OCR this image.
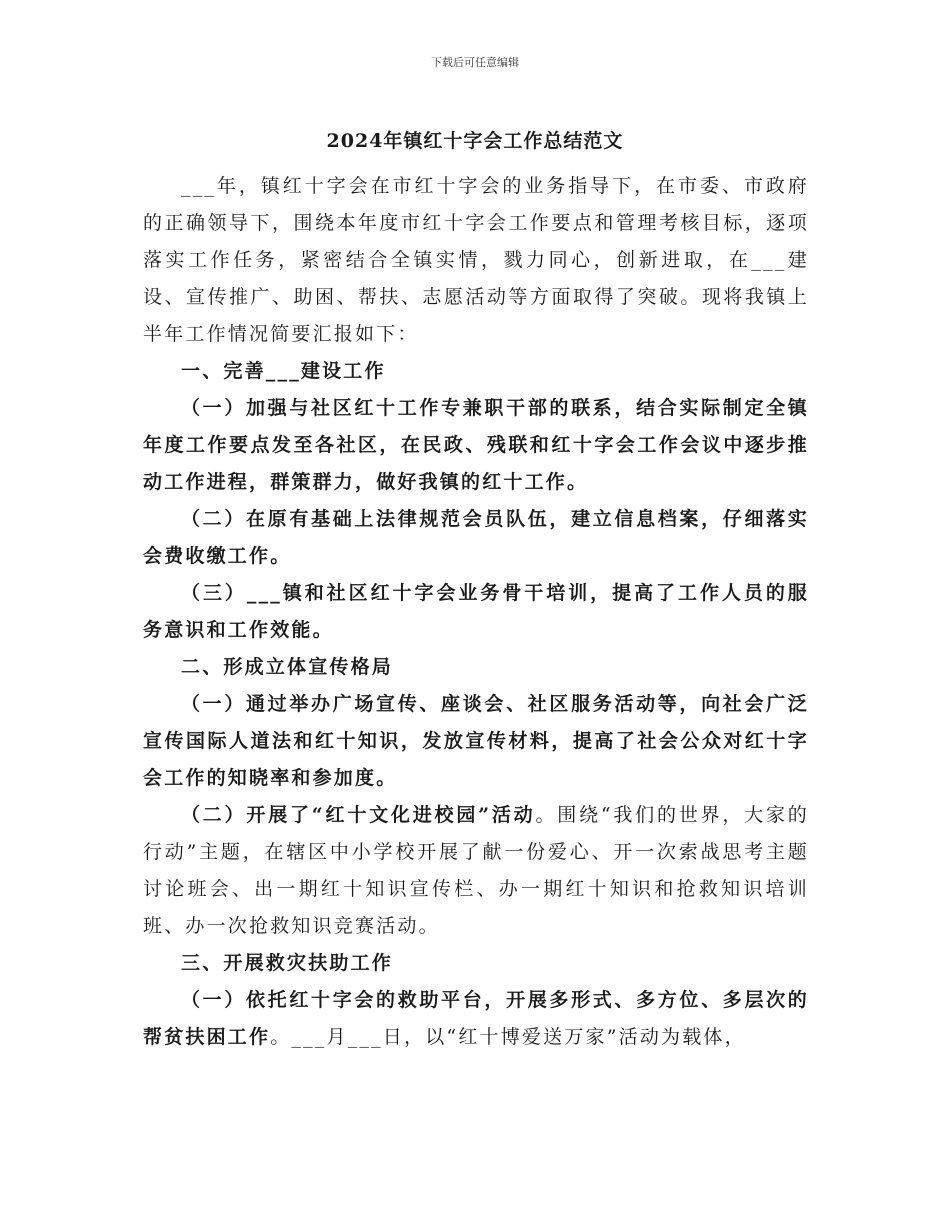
下载后可任意编辑
2024年镇红十字会工作总结范文

___年，镇红十字会在市红十字会的业务指导下，在市委、市政府的正确领导下，围绕本年度市红十字会工作要点和管理考核目标，逐项落实工作任务，紧密结合全镇实情，戮力同心，创新进取，在___建设、宣传推广、助困、帮扶、志愿活动等方面取得了突破。现将我镇上半年工作情况简要汇报如下：

一、完善___建设工作

（一）加强与社区红十工作专兼职干部的联系，结合实际制定全镇年度工作要点发至各社区，在民政、残联和红十字会工作会议中逐步推动工作进程，群策群力，做好我镇的红十工作。

（二）在原有基础上法律规范会员队伍，建立信息档案，仔细落实会费收缴工作。

（三）___镇和社区红十字会业务骨干培训，提高了工作人员的服务意识和工作效能。

二、形成立体宣传格局

（一）通过举办广场宣传、座谈会、社区服务活动等，向社会广泛宣传国际人道法和红十知识，发放宣传材料，提高了社会公众对红十字会工作的知晓率和参加度。

（二）开展了“红十文化进校园”活动。围绕“我们的世界，大家的行动”主题，在辖区中小学校开展了献一份爱心、开一次索战思考主题讨论班会、出一期红十知识宣传栏、办一期红十知识和抢救知识培训班、办一次抢救知识竞赛活动。

三、开展救灾扶助工作

（一）依托红十字会的救助平台，开展多形式、多方位、多层次的帮贫扶困工作。___月___日，以“红十博爱送万家”活动为载体，
